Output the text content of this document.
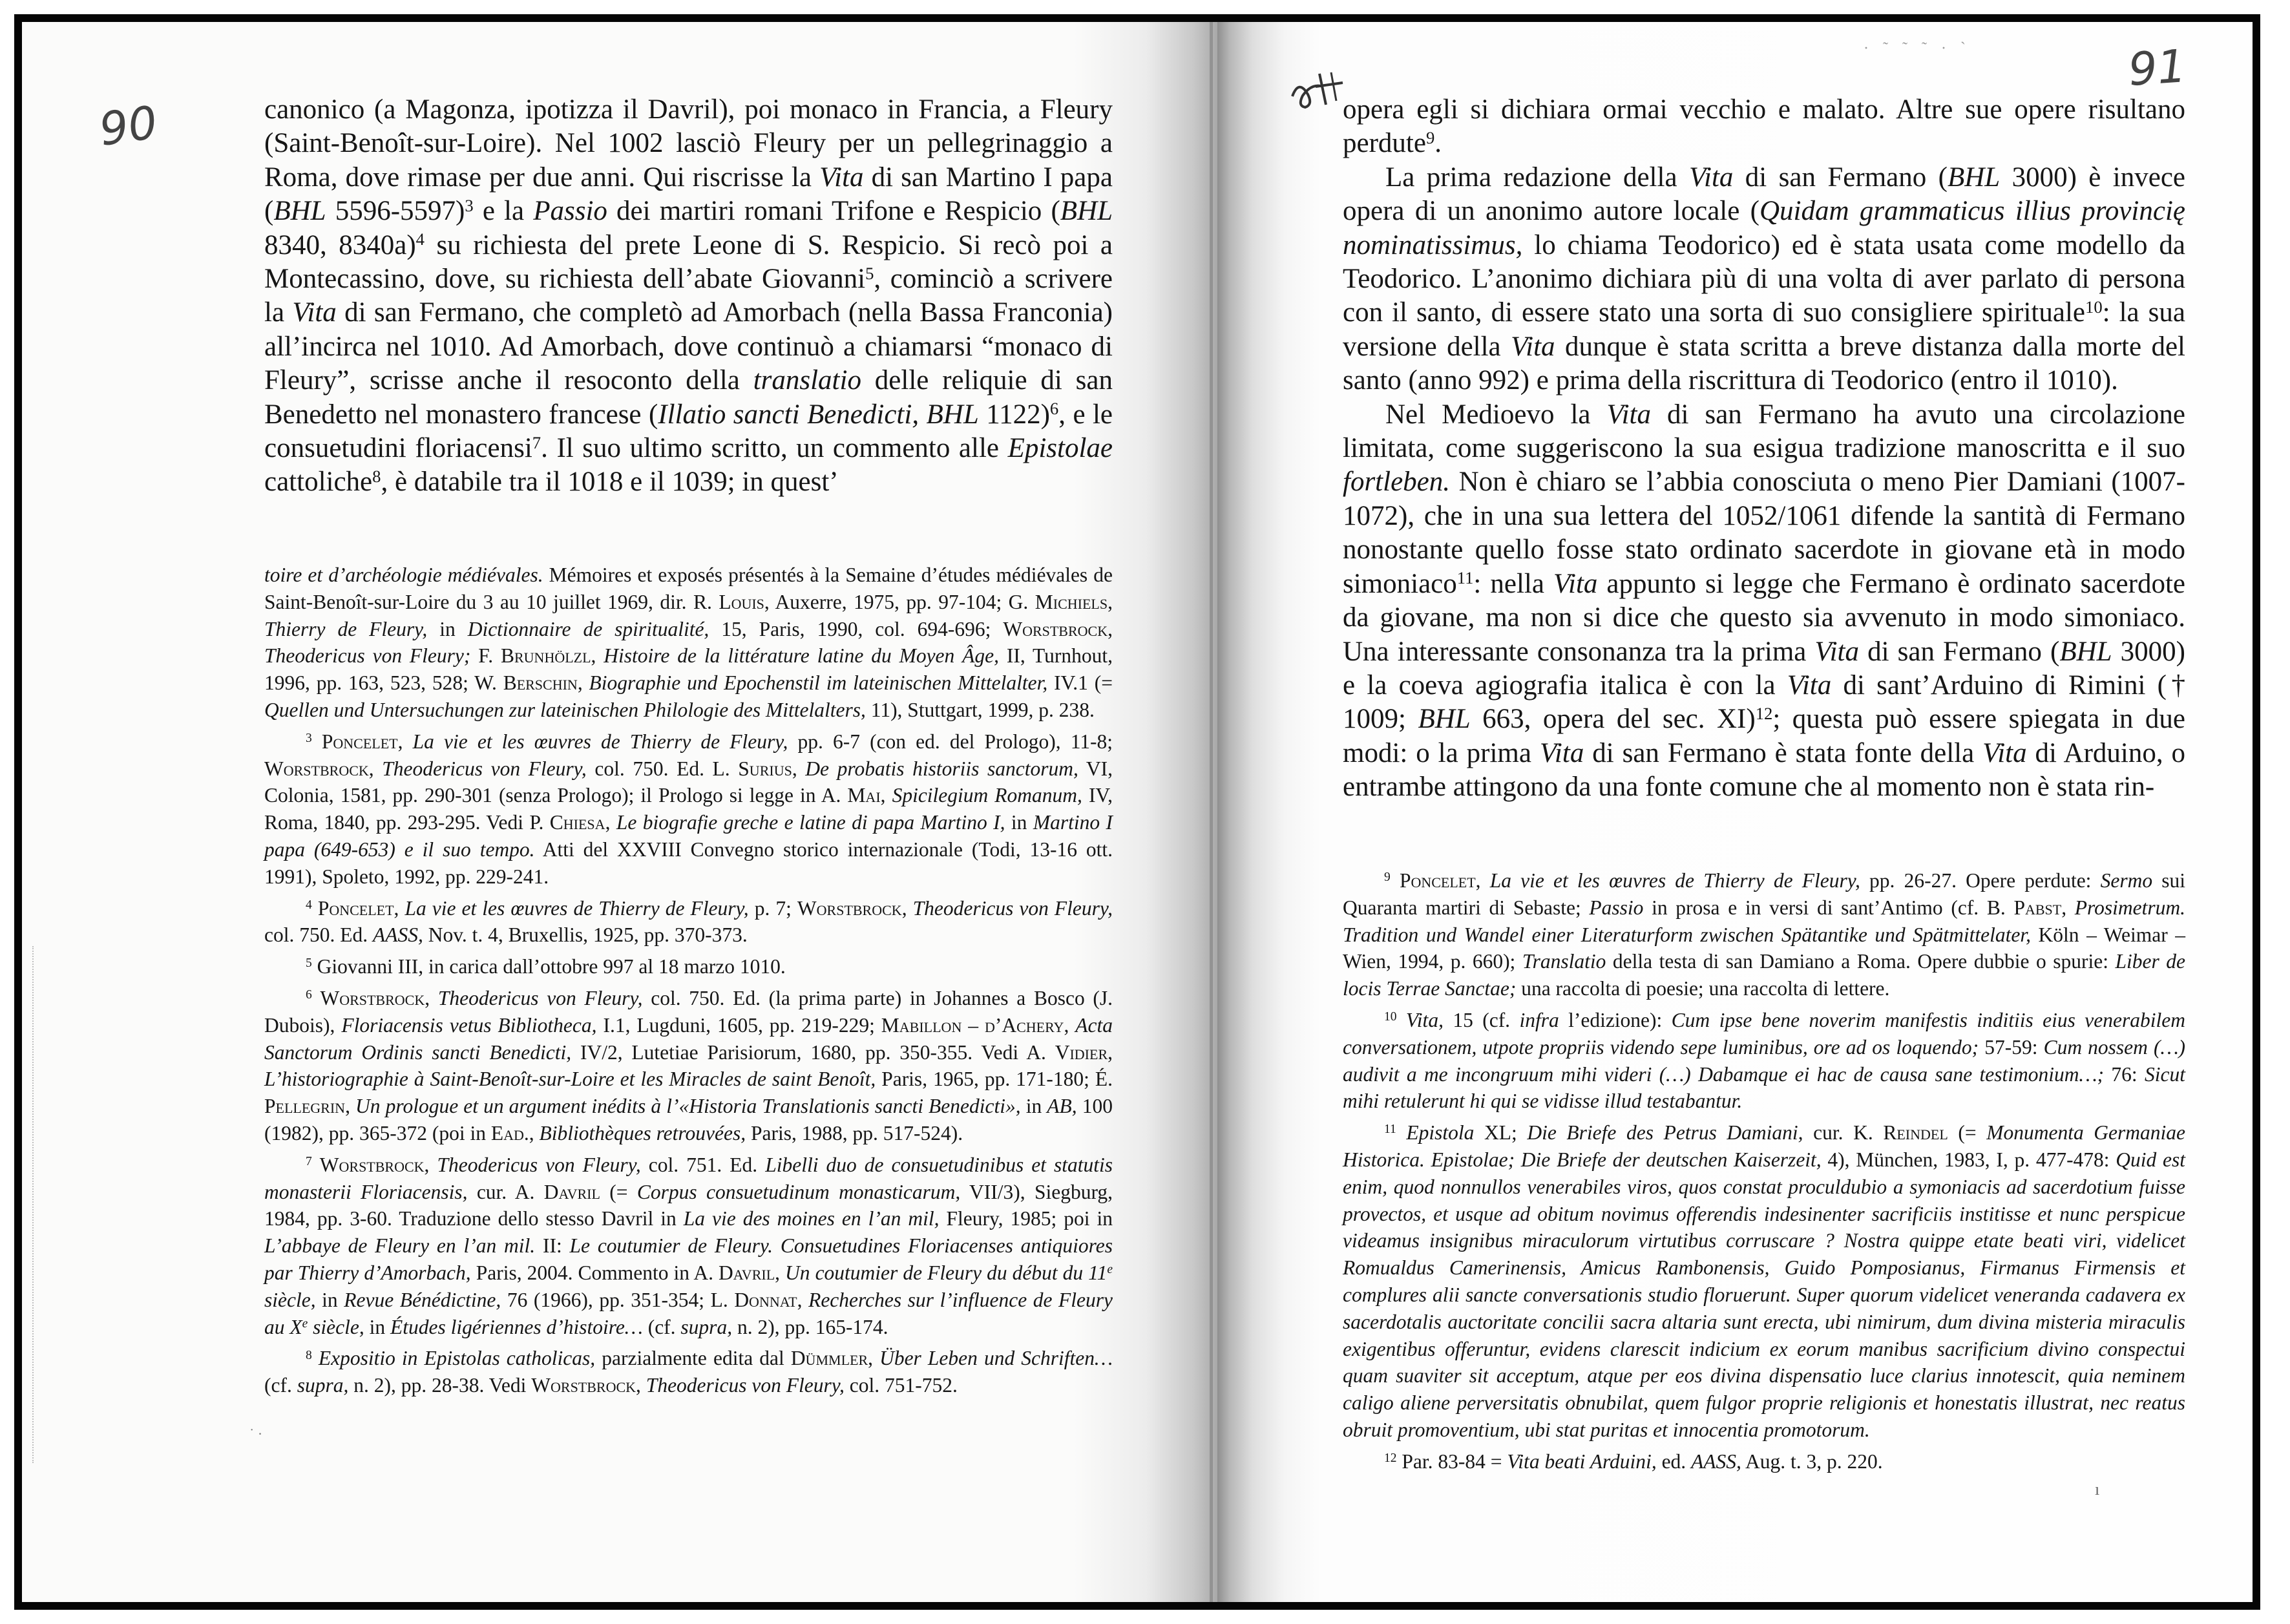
90	canonico (a Magonza, ipotizza il Davril), poi monaco in Francia, a Fleury (Saint-Benoît-sur-Loire). Nel 1002 lasciò Fleury per un pellegrinaggio a Roma, dove rimase per due anni. Qui riscrisse la Vita di san Martino I papa (BHL 5596-5597)$^3$ e la Passio dei martiri romani Trifone e Respicio (BHL 8340, 8340a)$^4$ su richiesta del prete Leone di S. Respicio. Si recò poi a Montecassino, dove, su richiesta dell’abate Giovanni$^5$, cominciò a scrivere la Vita di san Fermano, che completò ad Amorbach (nella Bassa Franconia) all’incirca nel 1010. Ad Amorbach, dove continuò a chiamarsi “monaco di Fleury”, scrisse anche il resoconto della translatio delle reliquie di san Benedetto nel monastero francese (Illatio sancti Benedicti, BHL 1122)$^6$, e le consuetudini floriacensi$^7$. Il suo ultimo scritto, un commento alle Epistolae cattoliche$^8$, è databile tra il 1018 e il 1039; in quest’

toire et d’archéologie médiévales. Mémoires et exposés présentés à la Semaine d’études médiévales de Saint-Benoît-sur-Loire du 3 au 10 juillet 1969, dir. R. Louis, Auxerre, 1975, pp. 97-104; G. Michiels, Thierry de Fleury, in Dictionnaire de spiritualité, 15, Paris, 1990, col. 694-696; Worstbrock, Theodericus von Fleury; F. Brunhölzl, Histoire de la littérature latine du Moyen Âge, II, Turnhout, 1996, pp. 163, 523, 528; W. Berschin, Biographie und Epochenstil im lateinischen Mittelalter, IV.1 (= Quellen und Untersuchungen zur lateinischen Philologie des Mittelalters, 11), Stuttgart, 1999, p. 238.

$^3$ Poncelet, La vie et les œuvres de Thierry de Fleury, pp. 6-7 (con ed. del Prologo), 11-8; Worstbrock, Theodericus von Fleury, col. 750. Ed. L. Surius, De probatis historiis sanctorum, VI, Colonia, 1581, pp. 290-301 (senza Prologo); il Prologo si legge in A. Mai, Spicilegium Romanum, IV, Roma, 1840, pp. 293-295. Vedi P. Chiesa, Le biografie greche e latine di papa Martino I, in Martino I papa (649-653) e il suo tempo. Atti del XXVIII Convegno storico internazionale (Todi, 13-16 ott. 1991), Spoleto, 1992, pp. 229-241.

$^4$ Poncelet, La vie et les œuvres de Thierry de Fleury, p. 7; Worstbrock, Theodericus von Fleury, col. 750. Ed. AASS, Nov. t. 4, Bruxellis, 1925, pp. 370-373.

$^5$ Giovanni III, in carica dall’ottobre 997 al 18 marzo 1010.

$^6$ Worstbrock, Theodericus von Fleury, col. 750. Ed. (la prima parte) in Johannes a Bosco (J. Dubois), Floriacensis vetus Bibliotheca, I.1, Lugduni, 1605, pp. 219-229; Mabillon – d’Achery, Acta Sanctorum Ordinis sancti Benedicti, IV/2, Lutetiae Parisiorum, 1680, pp. 350-355. Vedi A. Vidier, L’historiographie à Saint-Benoît-sur-Loire et les Miracles de saint Benoît, Paris, 1965, pp. 171-180; É. Pellegrin, Un prologue et un argument inédits à l’«Historia Translationis sancti Benedicti», in AB, 100 (1982), pp. 365-372 (poi in Ead., Bibliothèques retrouvées, Paris, 1988, pp. 517-524).

$^7$ Worstbrock, Theodericus von Fleury, col. 751. Ed. Libelli duo de consuetudinibus et statutis monasterii Floriacensis, cur. A. Davril (= Corpus consuetudinum monasticarum, VII/3), Siegburg, 1984, pp. 3-60. Traduzione dello stesso Davril in La vie des moines en l’an mil, Fleury, 1985; poi in L’abbaye de Fleury en l’an mil. II: Le coutumier de Fleury. Consuetudines Floriacenses antiquiores par Thierry d’Amorbach, Paris, 2004. Commento in A. Davril, Un coutumier de Fleury du début du 11e siècle, in Revue Bénédictine, 76 (1966), pp. 351-354; L. Donnat, Recherches sur l’influence de Fleury au Xe siècle, in Études ligériennes d’histoire… (cf. supra, n. 2), pp. 165-174.

$^8$ Expositio in Epistolas catholicas, parzialmente edita dal Dümmler, Über Leben und Schriften… (cf. supra, n. 2), pp. 28-38. Vedi Worstbrock, Theodericus von Fleury, col. 751-752.

˙ ·
· ˜ ˜ ˜ · `	91

opera egli si dichiara ormai vecchio e malato. Altre sue opere risultano perdute$^9$.

La prima redazione della Vita di san Fermano (BHL 3000) è invece opera di un anonimo autore locale (Quidam grammaticus illius provincię nominatissimus, lo chiama Teodorico) ed è stata usata come modello da Teodorico. L’anonimo dichiara più di una volta di aver parlato di persona con il santo, di essere stato una sorta di suo consigliere spirituale$^{10}$: la sua versione della Vita dunque è stata scritta a breve distanza dalla morte del santo (anno 992) e prima della riscrittura di Teodorico (entro il 1010).

Nel Medioevo la Vita di san Fermano ha avuto una circolazione limitata, come suggeriscono la sua esigua tradizione manoscritta e il suo fortleben. Non è chiaro se l’abbia conosciuta o meno Pier Damiani (1007-1072), che in una sua lettera del 1052/1061 difende la santità di Fermano nonostante quello fosse stato ordinato sacerdote in giovane età in modo simoniaco$^{11}$: nella Vita appunto si legge che Fermano è ordinato sacerdote da giovane, ma non si dice che questo sia avvenuto in modo simoniaco. Una interessante consonanza tra la prima Vita di san Fermano (BHL 3000) e la coeva agiografia italica è con la Vita di sant’Arduino di Rimini († 1009; BHL 663, opera del sec. XI)$^{12}$; questa può essere spiegata in due modi: o la prima Vita di san Fermano è stata fonte della Vita di Arduino, o entrambe attingono da una fonte comune che al momento non è stata rin-

$^9$ Poncelet, La vie et les œuvres de Thierry de Fleury, pp. 26-27. Opere perdute: Sermo sui Quaranta martiri di Sebaste; Passio in prosa e in versi di sant’Antimo (cf. B. Pabst, Prosimetrum. Tradition und Wandel einer Literaturform zwischen Spätantike und Spätmittelater, Köln – Weimar – Wien, 1994, p. 660); Translatio della testa di san Damiano a Roma. Opere dubbie o spurie: Liber de locis Terrae Sanctae; una raccolta di poesie; una raccolta di lettere.

$^{10}$ Vita, 15 (cf. infra l’edizione): Cum ipse bene noverim manifestis inditiis eius venerabilem conversationem, utpote propriis videndo sepe luminibus, ore ad os loquendo; 57-59: Cum nossem (…) audivit a me incongruum mihi videri (…) Dabamque ei hac de causa sane testimonium…; 76: Sicut mihi retulerunt hi qui se vidisse illud testabantur.

$^{11}$ Epistola XL; Die Briefe des Petrus Damiani, cur. K. Reindel (= Monumenta Germaniae Historica. Epistolae; Die Briefe der deutschen Kaiserzeit, 4), München, 1983, I, p. 477-478: Quid est enim, quod nonnullos venerabiles viros, quos constat proculdubio a symoniacis ad sacerdotium fuisse provectos, et usque ad obitum novimus offerendis indesinenter sacrificiis institisse et nunc perspicue videamus insignibus miraculorum virtutibus corruscare ? Nostra quippe etate beati viri, videlicet Romualdus Camerinensis, Amicus Rambonensis, Guido Pomposianus, Firmanus Firmensis et complures alii sancte conversationis studio floruerunt. Super quorum videlicet veneranda cadavera ex sacerdotalis auctoritate concilii sacra altaria sunt erecta, ubi nimirum, dum divina misteria miraculis exigentibus offeruntur, evidens clarescit indicium ex eorum manibus sacrificium divino conspectui quam suaviter sit acceptum, atque per eos divina dispensatio luce clarius innotescit, quia neminem caligo aliene perversitatis obnubilat, quem fulgor proprie religionis et honestatis illustrat, nec reatus obruit promoventium, ubi stat puritas et innocentia promotorum.

$^{12}$ Par. 83-84 = Vita beati Arduini, ed. AASS, Aug. t. 3, p. 220.

ı
